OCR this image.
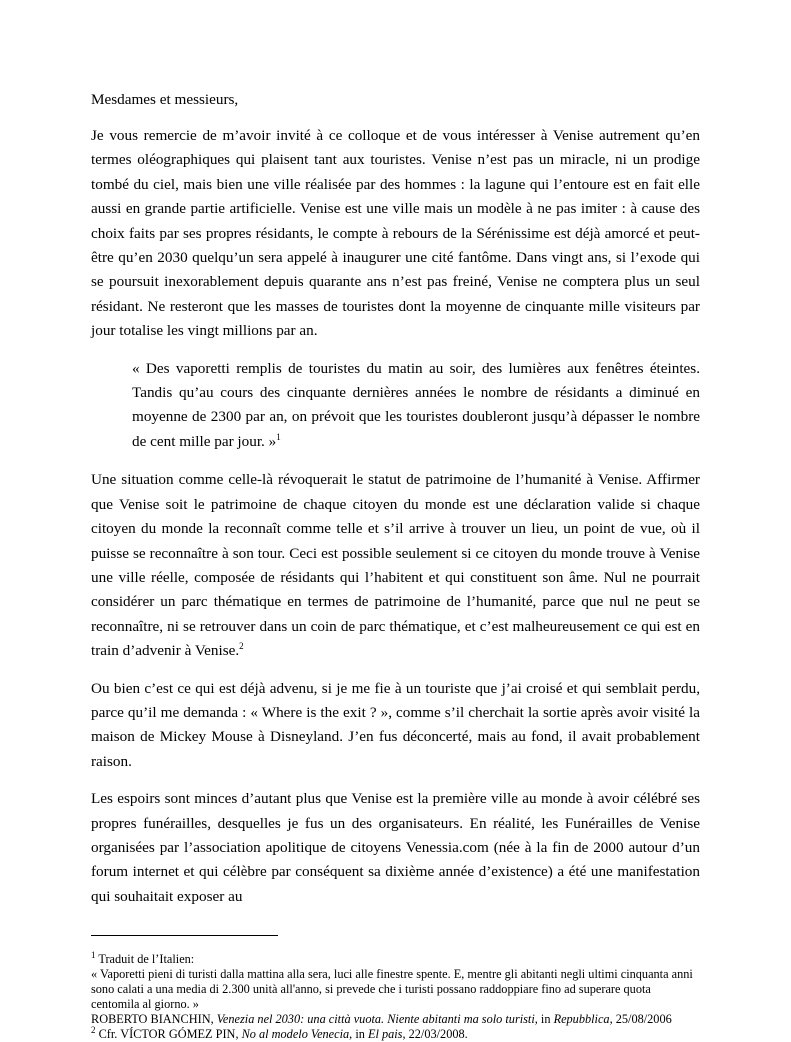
Mesdames et messieurs,

Je vous remercie de m’avoir invité à ce colloque et de vous intéresser à Venise autrement qu’en termes oléographiques qui plaisent tant aux touristes. Venise n’est pas un miracle, ni un prodige tombé du ciel, mais bien une ville réalisée par des hommes : la lagune qui l’entoure est en fait elle aussi en grande partie artificielle. Venise est une ville mais un modèle à ne pas imiter : à cause des choix faits par ses propres résidants, le compte à rebours de la Sérénissime est déjà amorcé et peut-être qu’en 2030 quelqu’un sera appelé à inaugurer une cité fantôme. Dans vingt ans, si l’exode qui se poursuit inexorablement depuis quarante ans n’est pas freiné, Venise ne comptera plus un seul résidant. Ne resteront que les masses de touristes dont la moyenne de cinquante mille visiteurs par jour totalise les vingt millions par an.

« Des vaporetti remplis de touristes du matin au soir, des lumières aux fenêtres éteintes. Tandis qu’au cours des cinquante dernières années le nombre de résidants a diminué en moyenne de 2300 par an, on prévoit que les touristes doubleront jusqu’à dépasser le nombre de cent mille par jour. »$^1$

Une situation comme celle-là révoquerait le statut de patrimoine de l’humanité à Venise. Affirmer que Venise soit le patrimoine de chaque citoyen du monde est une déclaration valide si chaque citoyen du monde la reconnaît comme telle et s’il arrive à trouver un lieu, un point de vue, où il puisse se reconnaître à son tour. Ceci est possible seulement si ce citoyen du monde trouve à Venise une ville réelle, composée de résidants qui l’habitent et qui constituent son âme. Nul ne pourrait considérer un parc thématique en termes de patrimoine de l’humanité, parce que nul ne peut se reconnaître, ni se retrouver dans un coin de parc thématique, et c’est malheureusement ce qui est en train d’advenir à Venise.$^2$

Ou bien c’est ce qui est déjà advenu, si je me fie à un touriste que j’ai croisé et qui semblait perdu, parce qu’il me demanda : « Where is the exit ? », comme s’il cherchait la sortie après avoir visité la maison de Mickey Mouse à Disneyland. J’en fus déconcerté, mais au fond, il avait probablement raison.

Les espoirs sont minces d’autant plus que Venise est la première ville au monde à avoir célébré ses propres funérailles, desquelles je fus un des organisateurs. En réalité, les Funérailles de Venise organisées par l’association apolitique de citoyens Venessia.com (née à la fin de 2000 autour d’un forum internet et qui célèbre par conséquent sa dixième année d’existence) a été une manifestation qui souhaitait exposer au

$^1$ Traduit de l’Italien:

« Vaporetti pieni di turisti dalla mattina alla sera, luci alle finestre spente. E, mentre gli abitanti negli ultimi cinquanta anni sono calati a una media di 2.300 unità all'anno, si prevede che i turisti possano raddoppiare fino ad superare quota centomila al giorno. »

ROBERTO BIANCHIN, Venezia nel 2030: una città vuota. Niente abitanti ma solo turisti, in Repubblica, 25/08/2006

$^2$ Cfr. VÍCTOR GÓMEZ PIN, No al modelo Venecia, in El pais, 22/03/2008.
